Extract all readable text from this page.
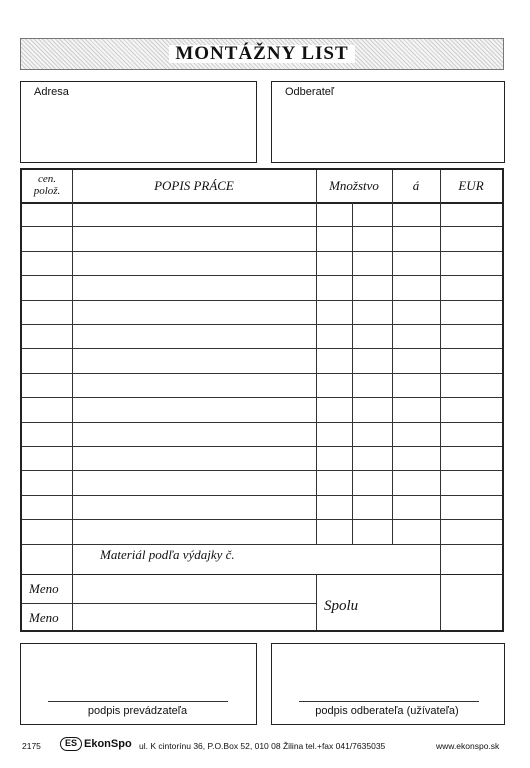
MONTÁŽNY LIST
Adresa	Odberateľ
cen.
polož.	POPIS PRÁCE	Množstvo	á	EUR
Materiál podľa výdajky č.
Meno
Meno
Spolu
podpis prevádzateľa	podpis odberateľa (užívateľa)
2175	ES EkonSpo ul. K cintorínu 36, P.O.Box 52, 010 08 Žilina tel.+fax 041/7635035	www.ekonspo.sk
